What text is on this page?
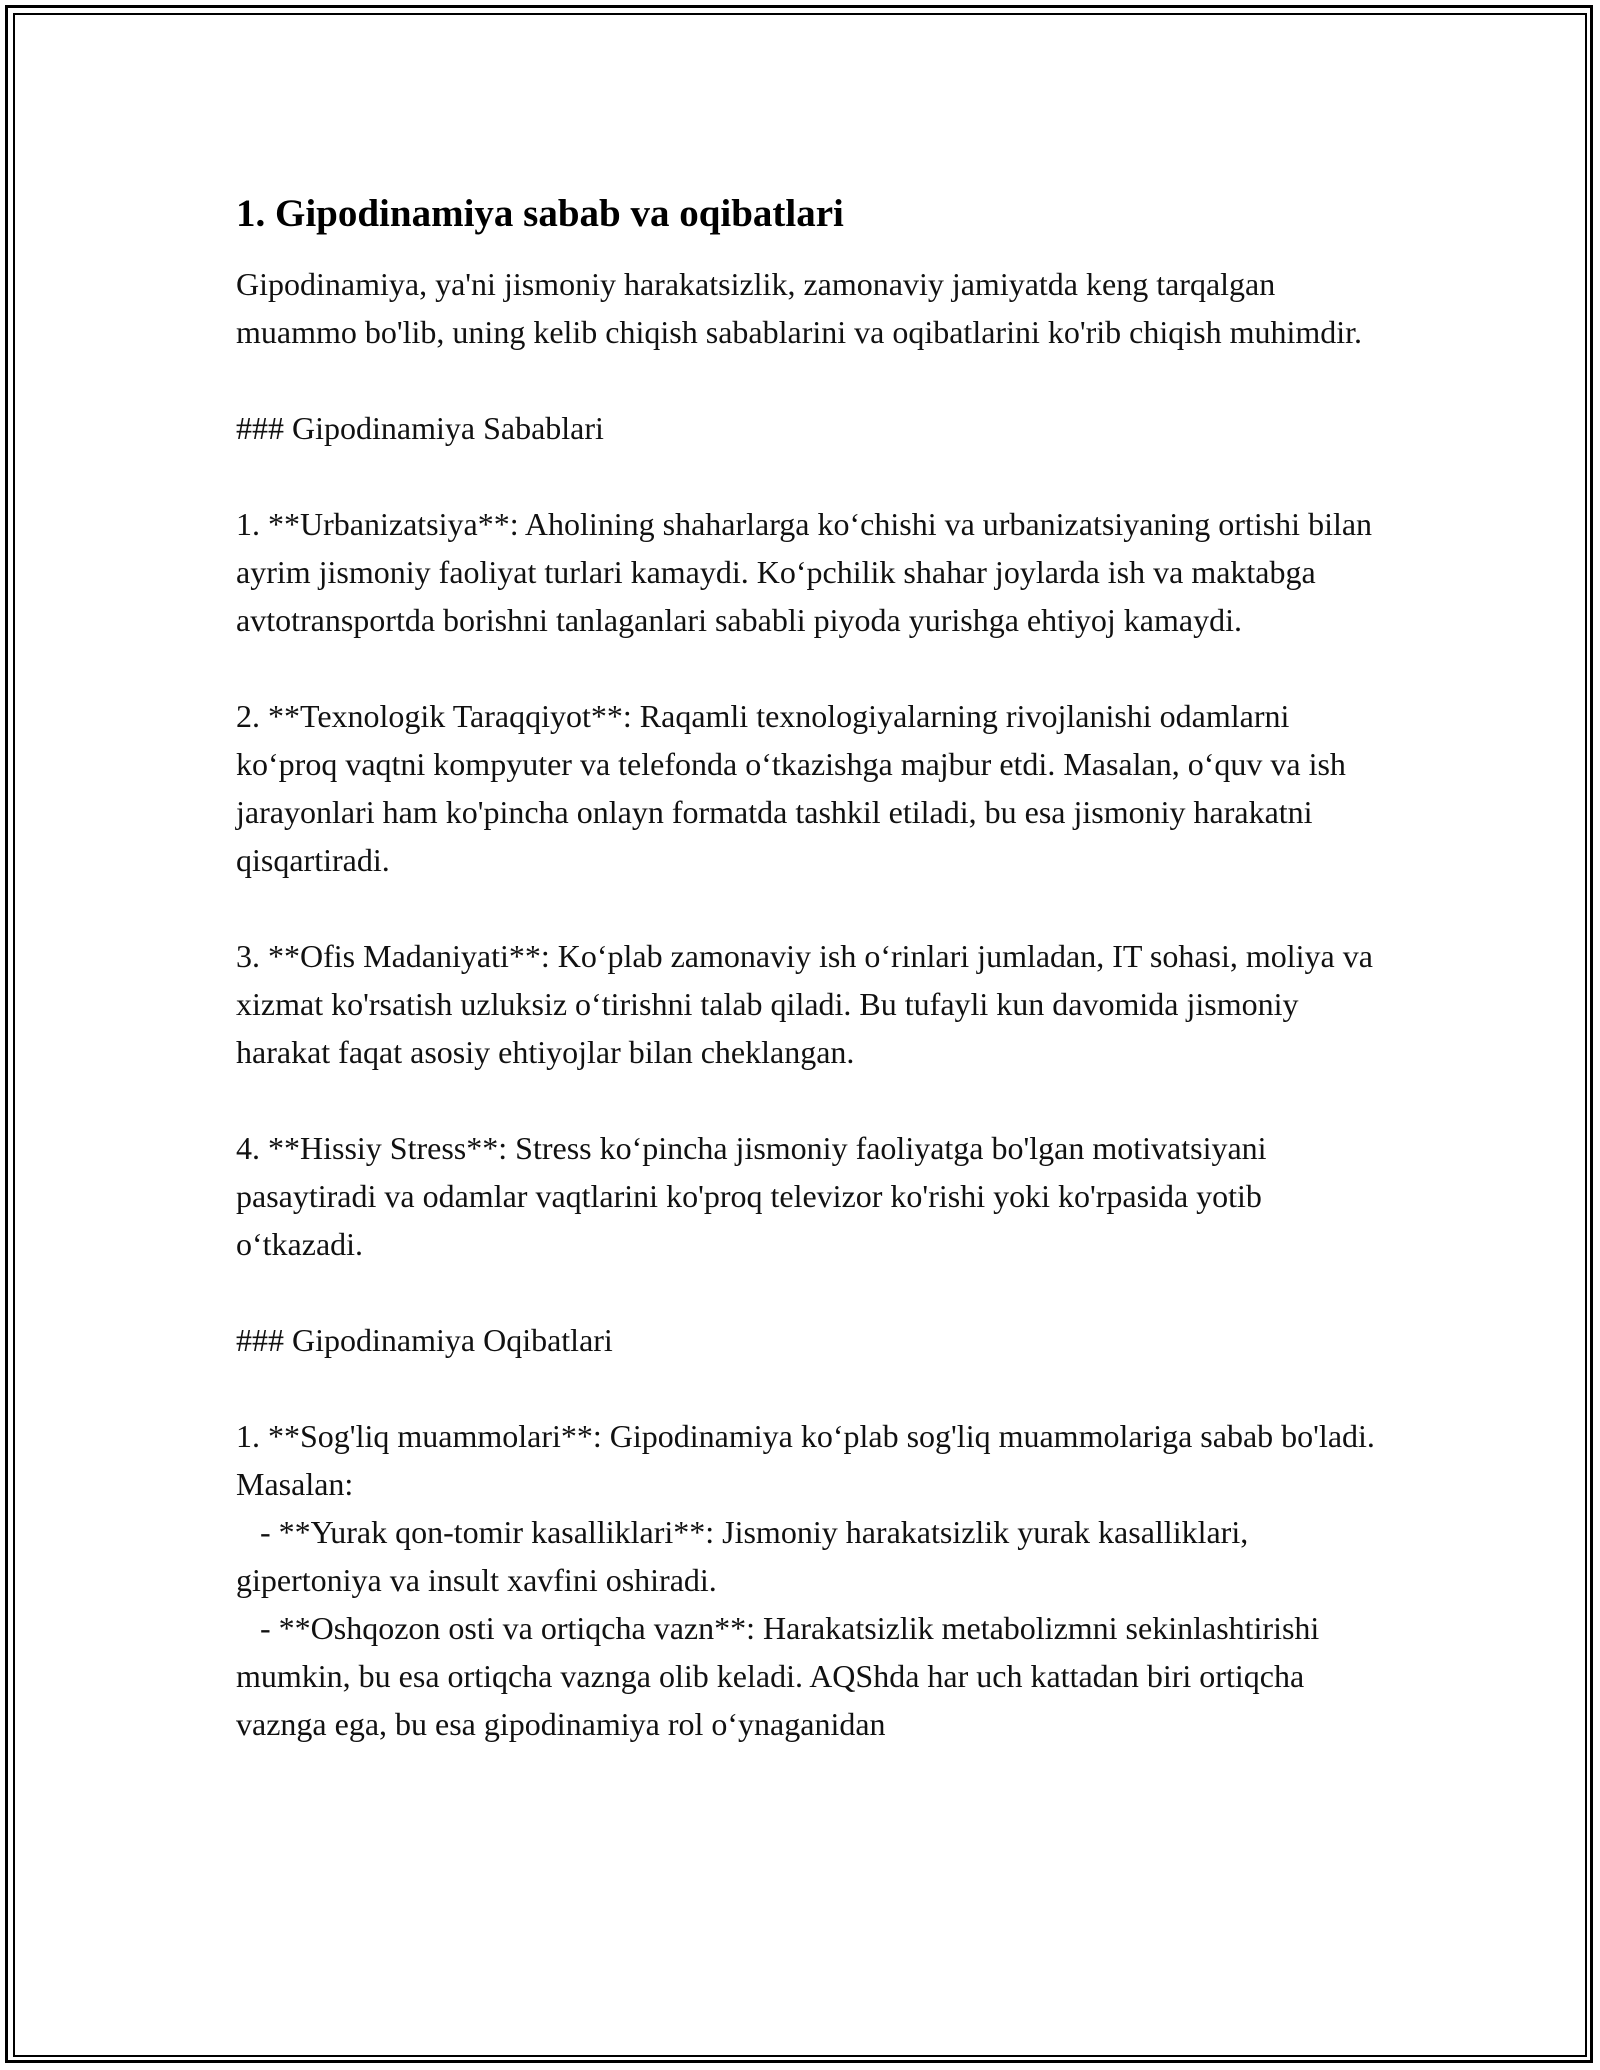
1. Gipodinamiya sabab va oqibatlari

Gipodinamiya, ya'ni jismoniy harakatsizlik, zamonaviy jamiyatda keng tarqalgan muammo bo'lib, uning kelib chiqish sabablarini va oqibatlarini ko'rib chiqish muhimdir.

### Gipodinamiya Sabablari

1. **Urbanizatsiya**: Aholining shaharlarga ko‘chishi va urbanizatsiyaning ortishi bilan ayrim jismoniy faoliyat turlari kamaydi. Ko‘pchilik shahar joylarda ish va maktabga avtotransportda borishni tanlaganlari sababli piyoda yurishga ehtiyoj kamaydi.

2. **Texnologik Taraqqiyot**: Raqamli texnologiyalarning rivojlanishi odamlarni ko‘proq vaqtni kompyuter va telefonda o‘tkazishga majbur etdi. Masalan, o‘quv va ish jarayonlari ham ko'pincha onlayn formatda tashkil etiladi, bu esa jismoniy harakatni qisqartiradi.

3. **Ofis Madaniyati**: Ko‘plab zamonaviy ish o‘rinlari jumladan, IT sohasi, moliya va xizmat ko'rsatish uzluksiz o‘tirishni talab qiladi. Bu tufayli kun davomida jismoniy harakat faqat asosiy ehtiyojlar bilan cheklangan.

4. **Hissiy Stress**: Stress ko‘pincha jismoniy faoliyatga bo'lgan motivatsiyani pasaytiradi va odamlar vaqtlarini ko'proq televizor ko'rishi yoki ko'rpasida yotib o‘tkazadi.

### Gipodinamiya Oqibatlari

1. **Sog'liq muammolari**: Gipodinamiya ko‘plab sog'liq muammolariga sabab bo'ladi. Masalan:

- **Yurak qon-tomir kasalliklari**: Jismoniy harakatsizlik yurak kasalliklari, gipertoniya va insult xavfini oshiradi.

- **Oshqozon osti va ortiqcha vazn**: Harakatsizlik metabolizmni sekinlashtirishi mumkin, bu esa ortiqcha vaznga olib keladi. AQShda har uch kattadan biri ortiqcha vaznga ega, bu esa gipodinamiya rol o‘ynaganidan
